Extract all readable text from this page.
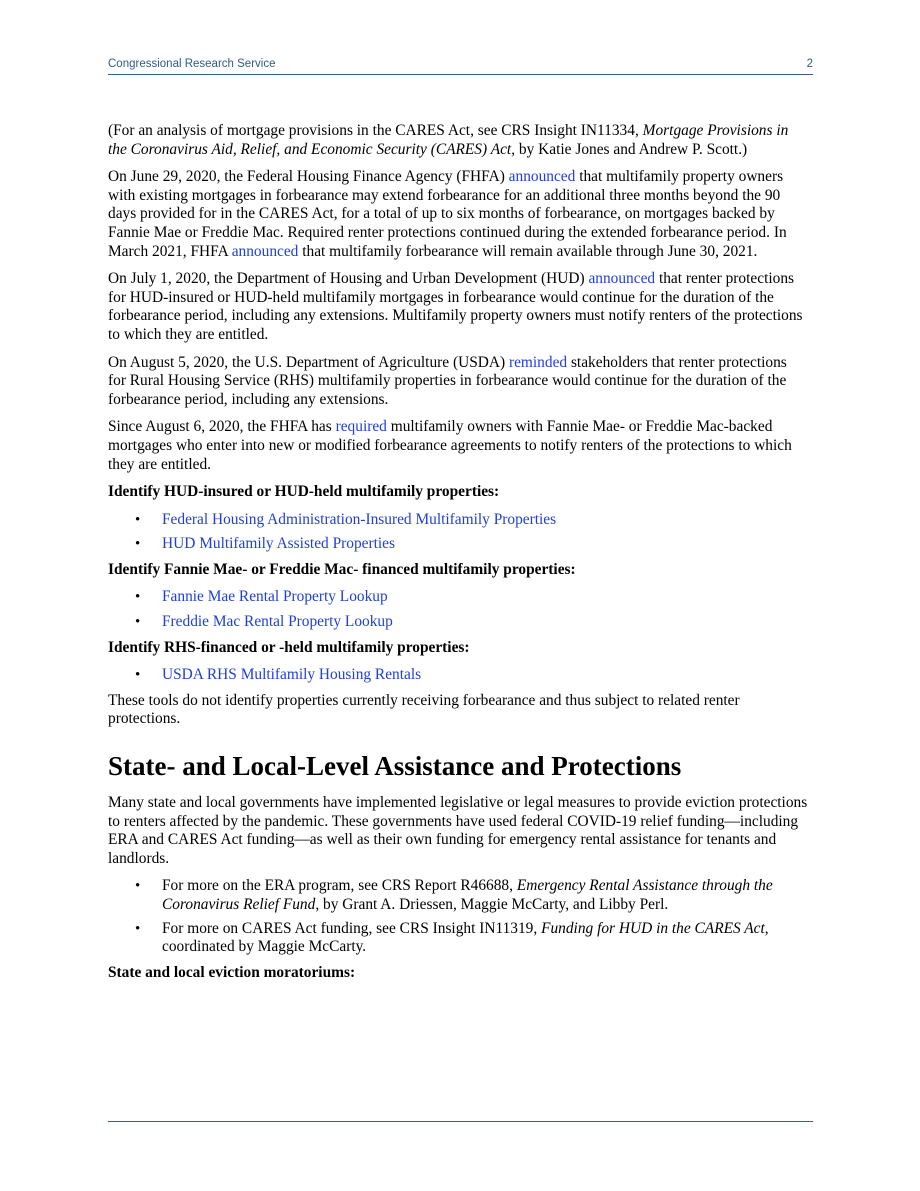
Congressional Research Service	2

(For an analysis of mortgage provisions in the CARES Act, see CRS Insight IN11334, Mortgage Provisions in the Coronavirus Aid, Relief, and Economic Security (CARES) Act, by Katie Jones and Andrew P. Scott.)

On June 29, 2020, the Federal Housing Finance Agency (FHFA) announced that multifamily property owners with existing mortgages in forbearance may extend forbearance for an additional three months beyond the 90 days provided for in the CARES Act, for a total of up to six months of forbearance, on mortgages backed by Fannie Mae or Freddie Mac. Required renter protections continued during the extended forbearance period. In March 2021, FHFA announced that multifamily forbearance will remain available through June 30, 2021.

On July 1, 2020, the Department of Housing and Urban Development (HUD) announced that renter protections for HUD-insured or HUD-held multifamily mortgages in forbearance would continue for the duration of the forbearance period, including any extensions. Multifamily property owners must notify renters of the protections to which they are entitled.

On August 5, 2020, the U.S. Department of Agriculture (USDA) reminded stakeholders that renter protections for Rural Housing Service (RHS) multifamily properties in forbearance would continue for the duration of the forbearance period, including any extensions.

Since August 6, 2020, the FHFA has required multifamily owners with Fannie Mae- or Freddie Mac-backed mortgages who enter into new or modified forbearance agreements to notify renters of the protections to which they are entitled.

Identify HUD-insured or HUD-held multifamily properties:

• Federal Housing Administration-Insured Multifamily Properties
• HUD Multifamily Assisted Properties

Identify Fannie Mae- or Freddie Mac- financed multifamily properties:

• Fannie Mae Rental Property Lookup
• Freddie Mac Rental Property Lookup

Identify RHS-financed or -held multifamily properties:

• USDA RHS Multifamily Housing Rentals

These tools do not identify properties currently receiving forbearance and thus subject to related renter protections.

State- and Local-Level Assistance and Protections

Many state and local governments have implemented legislative or legal measures to provide eviction protections to renters affected by the pandemic. These governments have used federal COVID-19 relief funding—including ERA and CARES Act funding—as well as their own funding for emergency rental assistance for tenants and landlords.

• For more on the ERA program, see CRS Report R46688, Emergency Rental Assistance through the Coronavirus Relief Fund, by Grant A. Driessen, Maggie McCarty, and Libby Perl.
• For more on CARES Act funding, see CRS Insight IN11319, Funding for HUD in the CARES Act, coordinated by Maggie McCarty.

State and local eviction moratoriums:
